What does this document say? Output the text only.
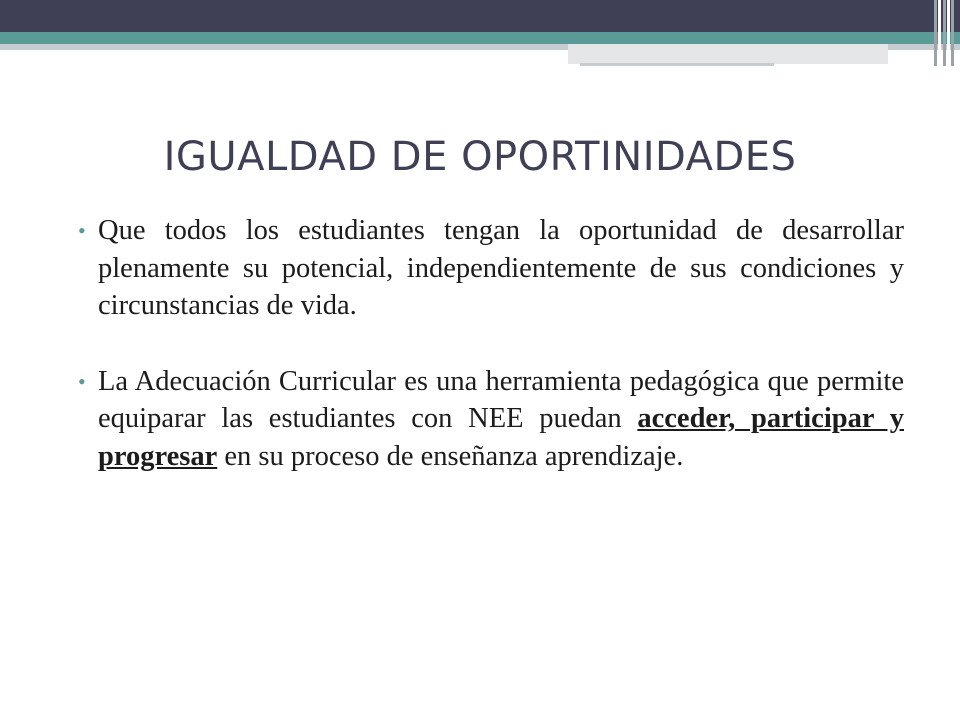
IGUALDAD DE OPORTINIDADES
• Que todos los estudiantes tengan la oportunidad de desarrollar plenamente su potencial, independientemente de sus condiciones y circunstancias de vida.
• La Adecuación Curricular es una herramienta pedagógica que permite equiparar las estudiantes con NEE puedan acceder, participar y progresar en su proceso de enseñanza aprendizaje.
